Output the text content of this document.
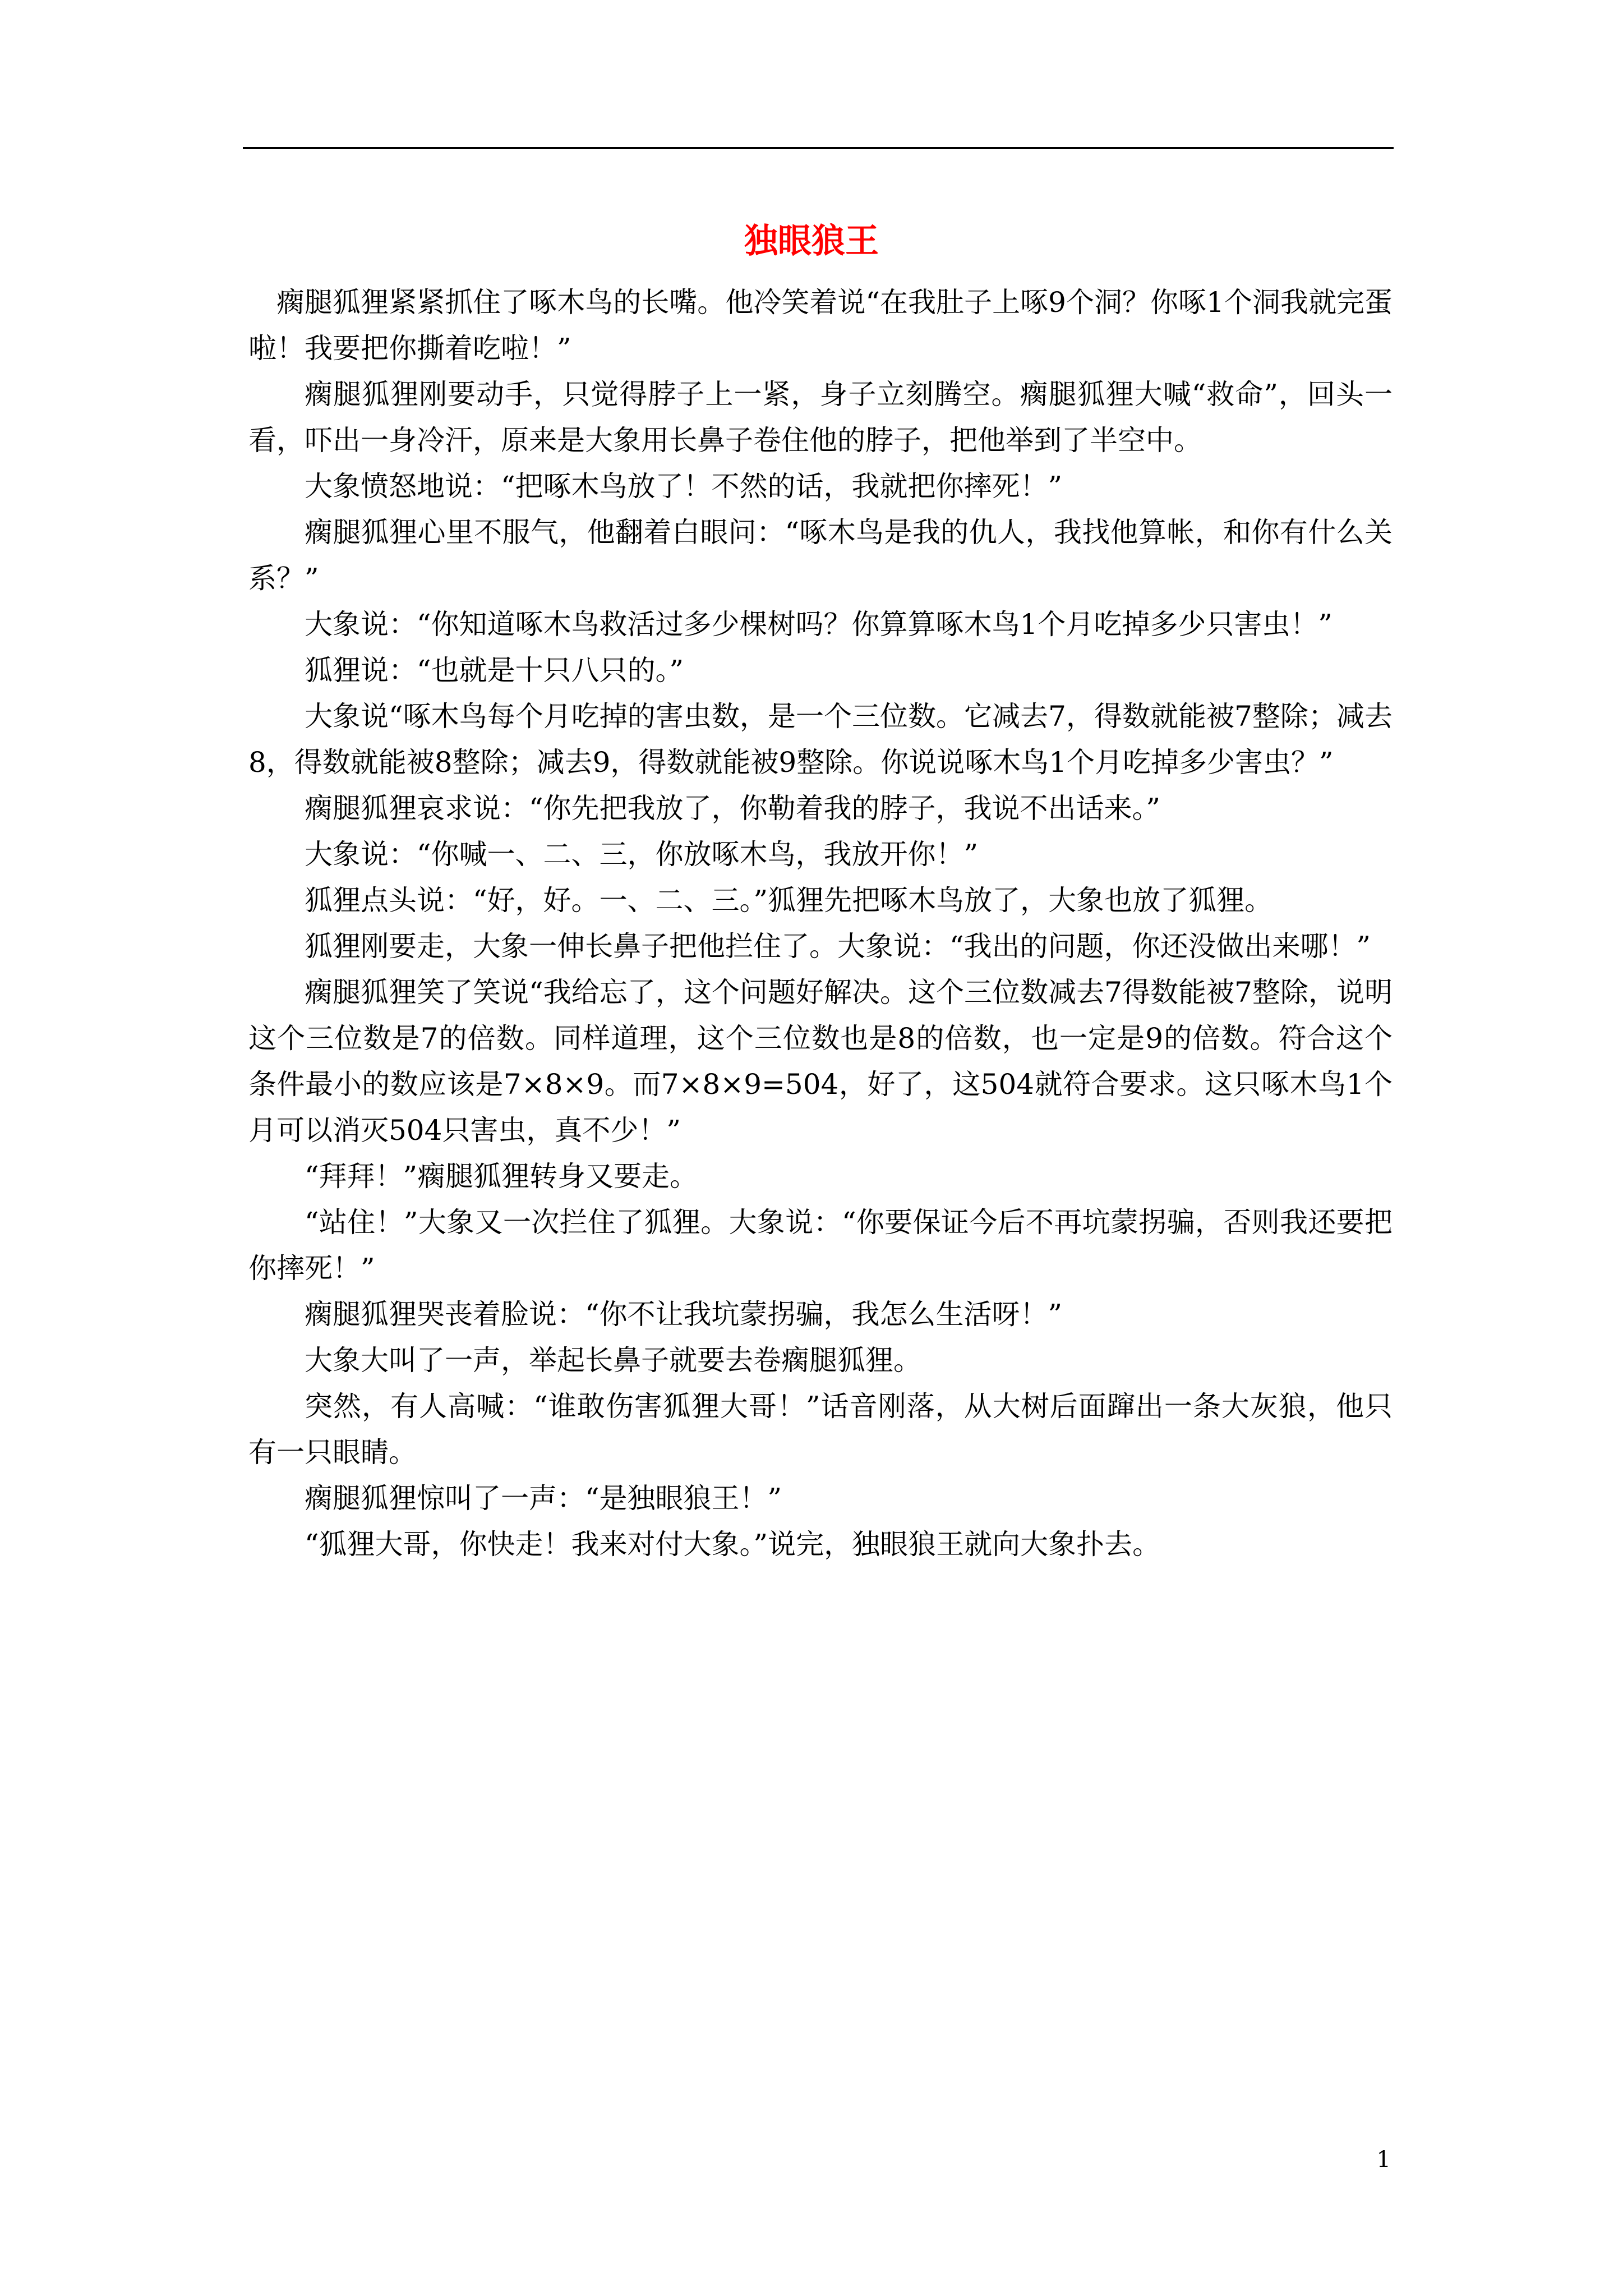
独眼狼王

瘸腿狐狸紧紧抓住了啄木鸟的长嘴。他冷笑着说“在我肚子上啄9个洞？你啄1个洞我就完蛋啦！我要把你撕着吃啦！”

瘸腿狐狸刚要动手，只觉得脖子上一紧，身子立刻腾空。瘸腿狐狸大喊“救命”，回头一看，吓出一身冷汗，原来是大象用长鼻子卷住他的脖子，把他举到了半空中。

大象愤怒地说：“把啄木鸟放了！不然的话，我就把你摔死！”

瘸腿狐狸心里不服气，他翻着白眼问：“啄木鸟是我的仇人，我找他算帐，和你有什么关系？”

大象说：“你知道啄木鸟救活过多少棵树吗？你算算啄木鸟1个月吃掉多少只害虫！”

狐狸说：“也就是十只八只的。”

大象说“啄木鸟每个月吃掉的害虫数，是一个三位数。它减去7，得数就能被7整除；减去8，得数就能被8整除；减去9，得数就能被9整除。你说说啄木鸟1个月吃掉多少害虫？”

瘸腿狐狸哀求说：“你先把我放了，你勒着我的脖子，我说不出话来。”

大象说：“你喊一、二、三，你放啄木鸟，我放开你！”

狐狸点头说：“好，好。一、二、三。”狐狸先把啄木鸟放了，大象也放了狐狸。

狐狸刚要走，大象一伸长鼻子把他拦住了。大象说：“我出的问题，你还没做出来哪！”

瘸腿狐狸笑了笑说“我给忘了，这个问题好解决。这个三位数减去7得数能被7整除，说明这个三位数是7的倍数。同样道理，这个三位数也是8的倍数，也一定是9的倍数。符合这个条件最小的数应该是7×8×9。而7×8×9=504，好了，这504就符合要求。这只啄木鸟1个月可以消灭504只害虫，真不少！”

“拜拜！”瘸腿狐狸转身又要走。

“站住！”大象又一次拦住了狐狸。大象说：“你要保证今后不再坑蒙拐骗，否则我还要把你摔死！”

瘸腿狐狸哭丧着脸说：“你不让我坑蒙拐骗，我怎么生活呀！”

大象大叫了一声，举起长鼻子就要去卷瘸腿狐狸。

突然，有人高喊：“谁敢伤害狐狸大哥！”话音刚落，从大树后面蹿出一条大灰狼，他只有一只眼睛。

瘸腿狐狸惊叫了一声：“是独眼狼王！”

“狐狸大哥，你快走！我来对付大象。”说完，独眼狼王就向大象扑去。

1
